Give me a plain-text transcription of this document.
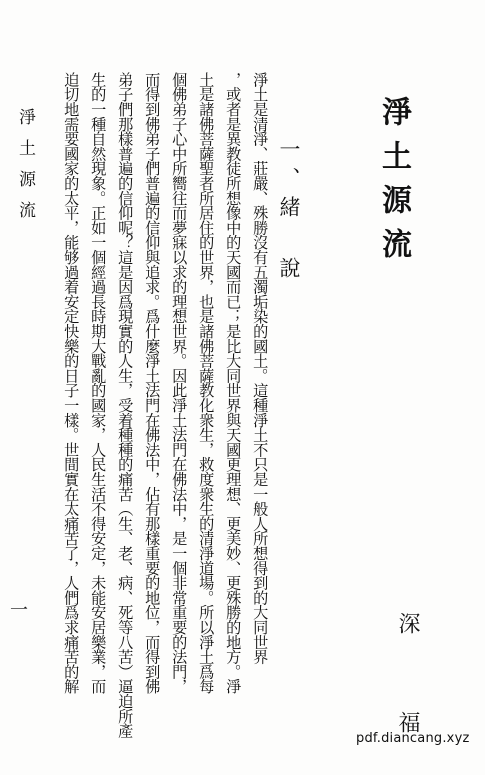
淨土源流
一、緒 說
淨土是清淨、莊嚴、殊勝沒有五濁垢染的國土。這種淨土不只是一般人所想得到的大同世界
，或者是異教徒所想像中的天國而已；是比大同世界與天國更理想、更美妙、更殊勝的地方。淨
土是諸佛菩薩聖者所居住的世界，也是諸佛菩薩教化衆生，救度衆生的清淨道場。所以淨土爲每
個佛弟子心中所嚮往而夢寐以求的理想世界。因此淨土法門在佛法中，是一個非常重要的法門，
而得到佛弟子們普遍的信仰與追求。爲什麼淨土法門在佛法中，佔有那樣重要的地位，而得到佛
弟子們那樣普遍的信仰呢？這是因爲現實的人生，受着種種的痛苦（生、老、病、死等八苦）逼迫所產
生的一種自然現象。正如一個經過長時期大戰亂的國家，人民生活不得安定，未能安居樂業，而
迫切地需要國家的太平，能够過着安定快樂的日子一樣。世間實在太痛苦了，人們爲求痛苦的解	深 福
淨土源流
一
pdf.diancang.xyz
